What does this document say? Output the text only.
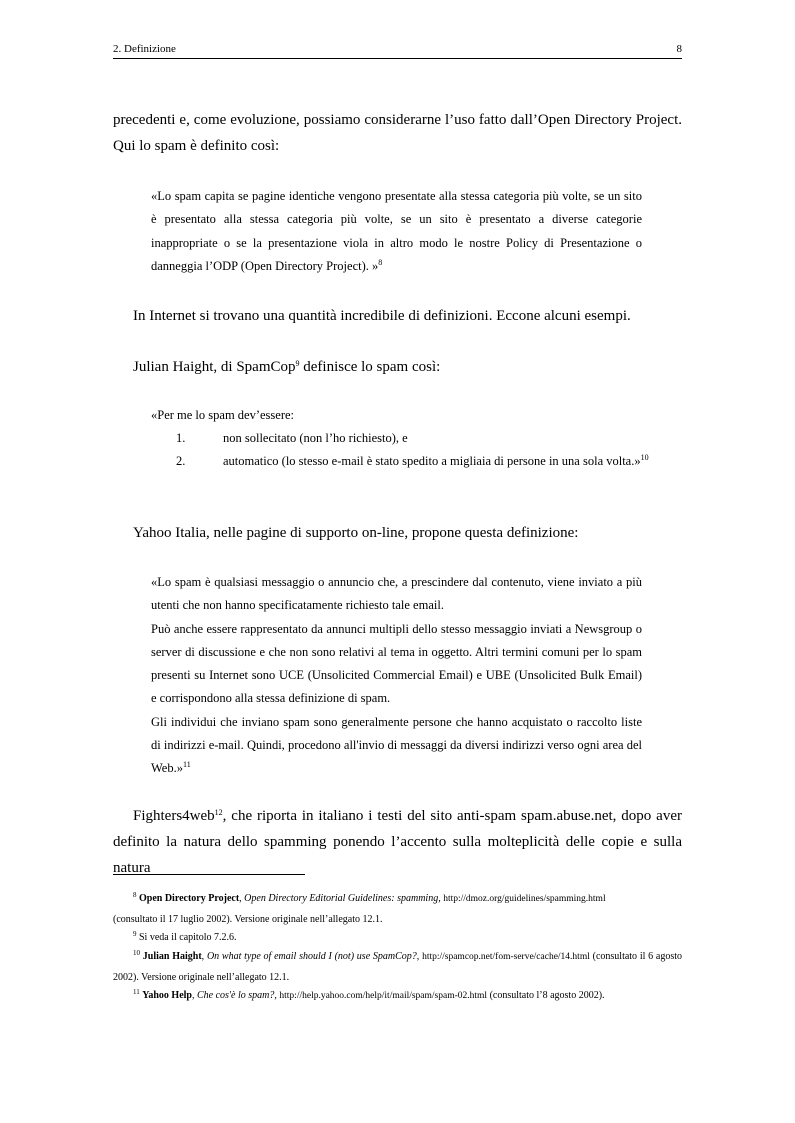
2. Definizione	8
precedenti e, come evoluzione, possiamo considerarne l’uso fatto dall’Open Directory Project. Qui lo spam è definito così:
«Lo spam capita se pagine identiche vengono presentate alla stessa categoria più volte, se un sito è presentato alla stessa categoria più volte, se un sito è presentato a diverse categorie inappropriate o se la presentazione viola in altro modo le nostre Policy di Presentazione o danneggia l’ODP (Open Directory Project). »$^8$
In Internet si trovano una quantità incredibile di definizioni. Eccone alcuni esempi.
Julian Haight, di SpamCop$^9$ definisce lo spam così:
«Per me lo spam dev’essere:
1.	non sollecitato (non l’ho richiesto), e
2.	automatico (lo stesso e-mail è stato spedito a migliaia di persone in una sola volta.»$^{10}$
Yahoo Italia, nelle pagine di supporto on-line, propone questa definizione:

«Lo spam è qualsiasi messaggio o annuncio che, a prescindere dal contenuto, viene inviato a più utenti che non hanno specificatamente richiesto tale email.

Può anche essere rappresentato da annunci multipli dello stesso messaggio inviati a Newsgroup o server di discussione e che non sono relativi al tema in oggetto. Altri termini comuni per lo spam presenti su Internet sono UCE (Unsolicited Commercial Email) e UBE (Unsolicited Bulk Email) e corrispondono alla stessa definizione di spam.

Gli individui che inviano spam sono generalmente persone che hanno acquistato o raccolto liste di indirizzi e-mail. Quindi, procedono all'invio di messaggi da diversi indirizzi verso ogni area del Web.»$^{11}$

Fighters4web$^{12}$, che riporta in italiano i testi del sito anti-spam spam.abuse.net, dopo aver definito la natura dello spamming ponendo l’accento sulla molteplicità delle copie e sulla natura
$^8$ Open Directory Project, Open Directory Editorial Guidelines: spamming, http://dmoz.org/guidelines/spamming.html
(consultato il 17 luglio 2002). Versione originale nell’allegato 12.1.
$^9$ Si veda il capitolo 7.2.6.
$^{10}$ Julian Haight, On what type of email should I (not) use SpamCop?, http://spamcop.net/fom-serve/cache/14.html (consultato il 6 agosto 2002). Versione originale nell’allegato 12.1.
$^{11}$ Yahoo Help, Che cos'è lo spam?, http://help.yahoo.com/help/it/mail/spam/spam-02.html (consultato l’8 agosto 2002).
